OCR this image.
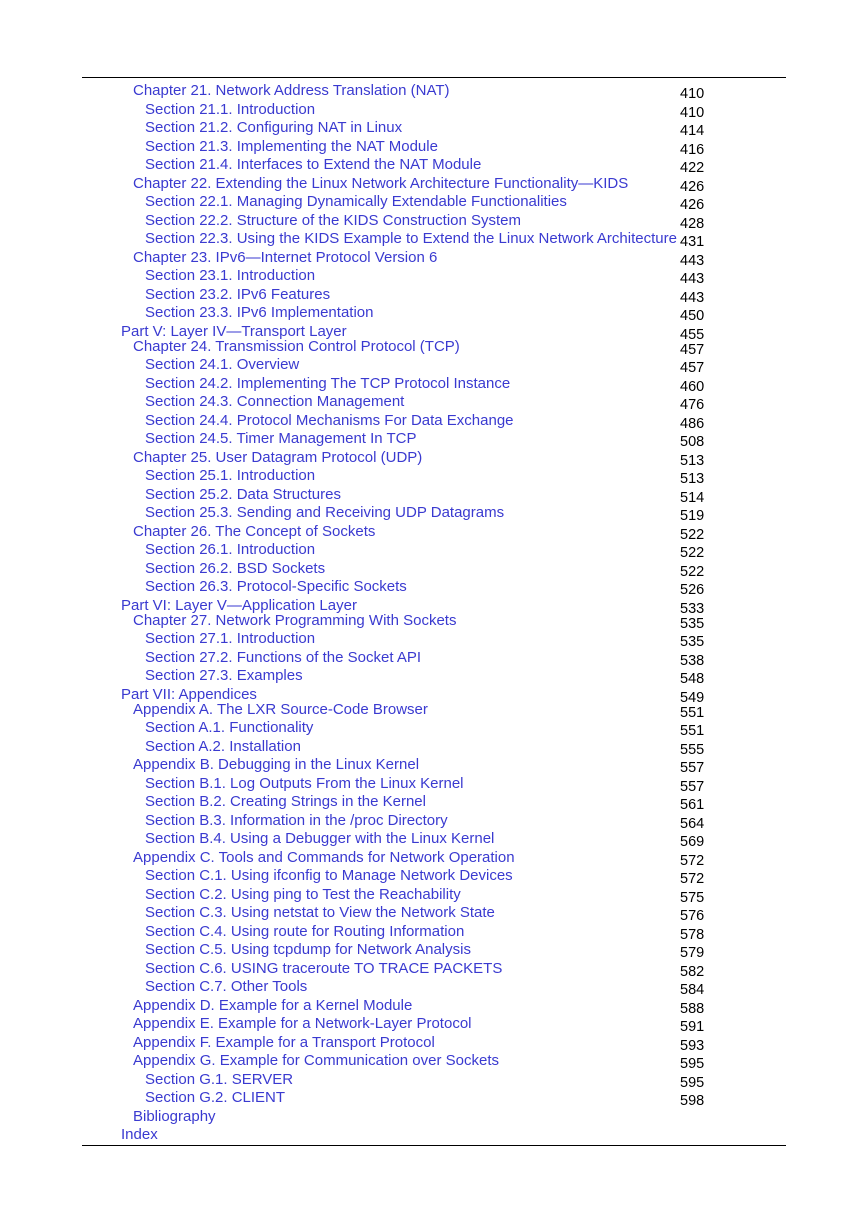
Chapter 21. Network Address Translation (NAT)	410
Section 21.1. Introduction	410
Section 21.2. Configuring NAT in Linux	414
Section 21.3. Implementing the NAT Module	416
Section 21.4. Interfaces to Extend the NAT Module	422
Chapter 22. Extending the Linux Network Architecture Functionality—KIDS	426
Section 22.1. Managing Dynamically Extendable Functionalities	426
Section 22.2. Structure of the KIDS Construction System	428
Section 22.3. Using the KIDS Example to Extend the Linux Network Architecture 431
Chapter 23. IPv6—Internet Protocol Version 6	443
Section 23.1. Introduction	443
Section 23.2. IPv6 Features	443
Section 23.3. IPv6 Implementation	450
Part V: Layer IV—Transport Layer	455
Chapter 24. Transmission Control Protocol (TCP)	457
Section 24.1. Overview	457
Section 24.2. Implementing The TCP Protocol Instance	460
Section 24.3. Connection Management	476
Section 24.4. Protocol Mechanisms For Data Exchange	486
Section 24.5. Timer Management In TCP	508
Chapter 25. User Datagram Protocol (UDP)	513
Section 25.1. Introduction	513
Section 25.2. Data Structures	514
Section 25.3. Sending and Receiving UDP Datagrams	519
Chapter 26. The Concept of Sockets	522
Section 26.1. Introduction	522
Section 26.2. BSD Sockets	522
Section 26.3. Protocol-Specific Sockets	526
Part VI: Layer V—Application Layer	533
Chapter 27. Network Programming With Sockets	535
Section 27.1. Introduction	535
Section 27.2. Functions of the Socket API	538
Section 27.3. Examples	548
Part VII: Appendices	549
Appendix A. The LXR Source-Code Browser	551
Section A.1. Functionality	551
Section A.2. Installation	555
Appendix B. Debugging in the Linux Kernel	557
Section B.1. Log Outputs From the Linux Kernel	557
Section B.2. Creating Strings in the Kernel	561
Section B.3. Information in the /proc Directory	564
Section B.4. Using a Debugger with the Linux Kernel	569
Appendix C. Tools and Commands for Network Operation	572
Section C.1. Using ifconfig to Manage Network Devices	572
Section C.2. Using ping to Test the Reachability	575
Section C.3. Using netstat to View the Network State	576
Section C.4. Using route for Routing Information	578
Section C.5. Using tcpdump for Network Analysis	579
Section C.6. USING traceroute TO TRACE PACKETS	582
Section C.7. Other Tools	584
Appendix D. Example for a Kernel Module	588
Appendix E. Example for a Network-Layer Protocol	591
Appendix F. Example for a Transport Protocol	593
Appendix G. Example for Communication over Sockets	595
Section G.1. SERVER	595
Section G.2. CLIENT	598
Bibliography
Index
